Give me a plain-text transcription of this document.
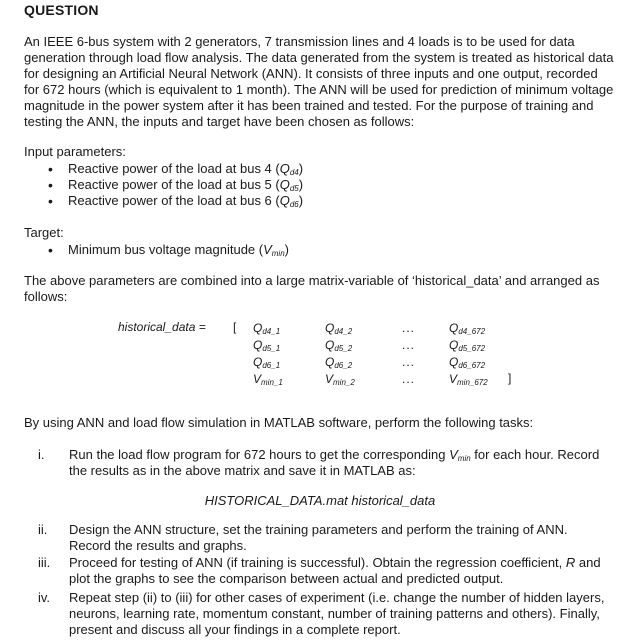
QUESTION

An IEEE 6-bus system with 2 generators, 7 transmission lines and 4 loads is to be used for data generation through load flow analysis. The data generated from the system is treated as historical data for designing an Artificial Neural Network (ANN). It consists of three inputs and one output, recorded for 672 hours (which is equivalent to 1 month). The ANN will be used for prediction of minimum voltage magnitude in the power system after it has been trained and tested. For the purpose of training and testing the ANN, the inputs and target have been chosen as follows:

Input parameters:
• Reactive power of the load at bus 4 $(Q_{d4})$
• Reactive power of the load at bus 5 $(Q_{d5})$
• Reactive power of the load at bus 6 $(Q_{d6})$
Target:
• Minimum bus voltage magnitude $(V_{min})$

The above parameters are combined into a large matrix-variable of ‘historical_data’ and arranged as follows:

historical_data = [
]
$Q_{d4\_1}$	$Q_{d4\_2}$	...	$Q_{d4\_672}$
$Q_{d5\_1}$	$Q_{d5\_2}$	...	$Q_{d5\_672}$
$Q_{d6\_1}$	$Q_{d6\_2}$	...	$Q_{d6\_672}$
$V_{min\_1}$	$V_{min\_2}$	...	$V_{min\_672}$

By using ANN and load flow simulation in MATLAB software, perform the following tasks:

i. Run the load flow program for 672 hours to get the corresponding $V_{min}$ for each hour. Record the results as in the above matrix and save it in MATLAB as:
HISTORICAL_DATA.mat historical_data
ii. Design the ANN structure, set the training parameters and perform the training of ANN. Record the results and graphs.
iii. Proceed for testing of ANN (if training is successful). Obtain the regression coefficient, R and plot the graphs to see the comparison between actual and predicted output.
iv. Repeat step (ii) to (iii) for other cases of experiment (i.e. change the number of hidden layers, neurons, learning rate, momentum constant, number of training patterns and others). Finally, present and discuss all your findings in a complete report.
